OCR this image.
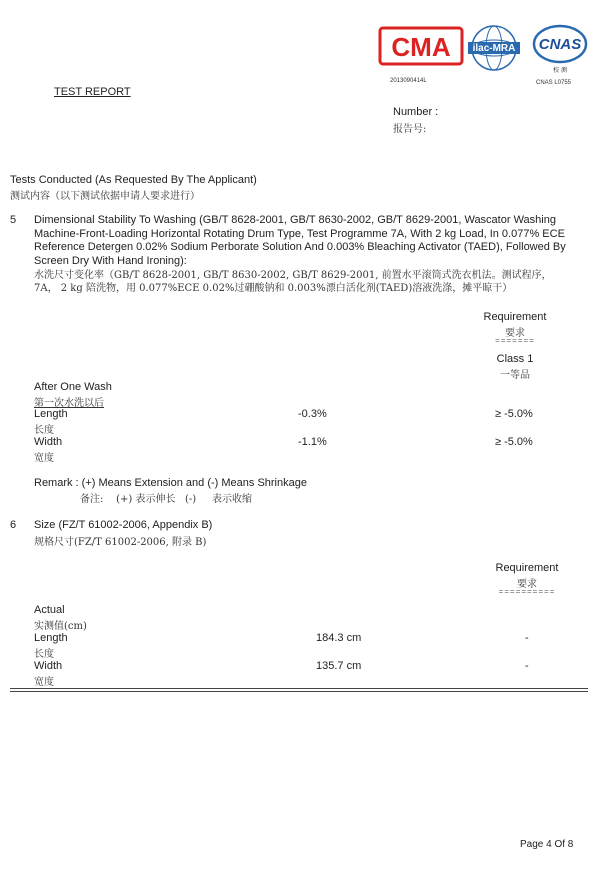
CMA ilac-MRA CNAS
校 测
2013090414L	CNAS L0755
TEST REPORT
Number :
报告号:
Tests Conducted (As Requested By The Applicant)
测试内容（以下测试依据申请人要求进行）
5 Dimensional Stability To Washing (GB/T 8628-2001, GB/T 8630-2002, GB/T 8629-2001, Wascator Washing
Machine-Front-Loading Horizontal Rotating Drum Type, Test Programme 7A, With 2 kg Load, In 0.077% ECE
Reference Detergen 0.02% Sodium Perborate Solution And 0.003% Bleaching Activator (TAED), Followed By
Screen Dry With Hand Ironing):
水洗尺寸变化率（GB/T 8628-2001, GB/T 8630-2002, GB/T 8629-2001, 前置水平滚筒式洗衣机法。测试程序，
7A， 2 kg 陪洗物，用 0.077%ECE 0.02%过硼酸钠和 0.003%漂白活化剂(TAED)溶液洗涤，摊平晾干）
Requirement
要求
=======
Class 1
一等品
After One Wash
第一次水洗以后
Length
长度
-0.3%	≥ -5.0%
Width
宽度
-1.1%	≥ -5.0%
Remark : (+) Means Extension and (-) Means Shrinkage
备注:    (+) 表示伸长   (-)     表示收缩
6 Size (FZ/T 61002-2006, Appendix B)
规格尺寸(FZ/T 61002-2006, 附录 B)
Requirement
要求
==========
Actual
实测值(cm)
Length
长度
184.3 cm	-
Width
宽度
135.7 cm	-
Page 4 Of 8
